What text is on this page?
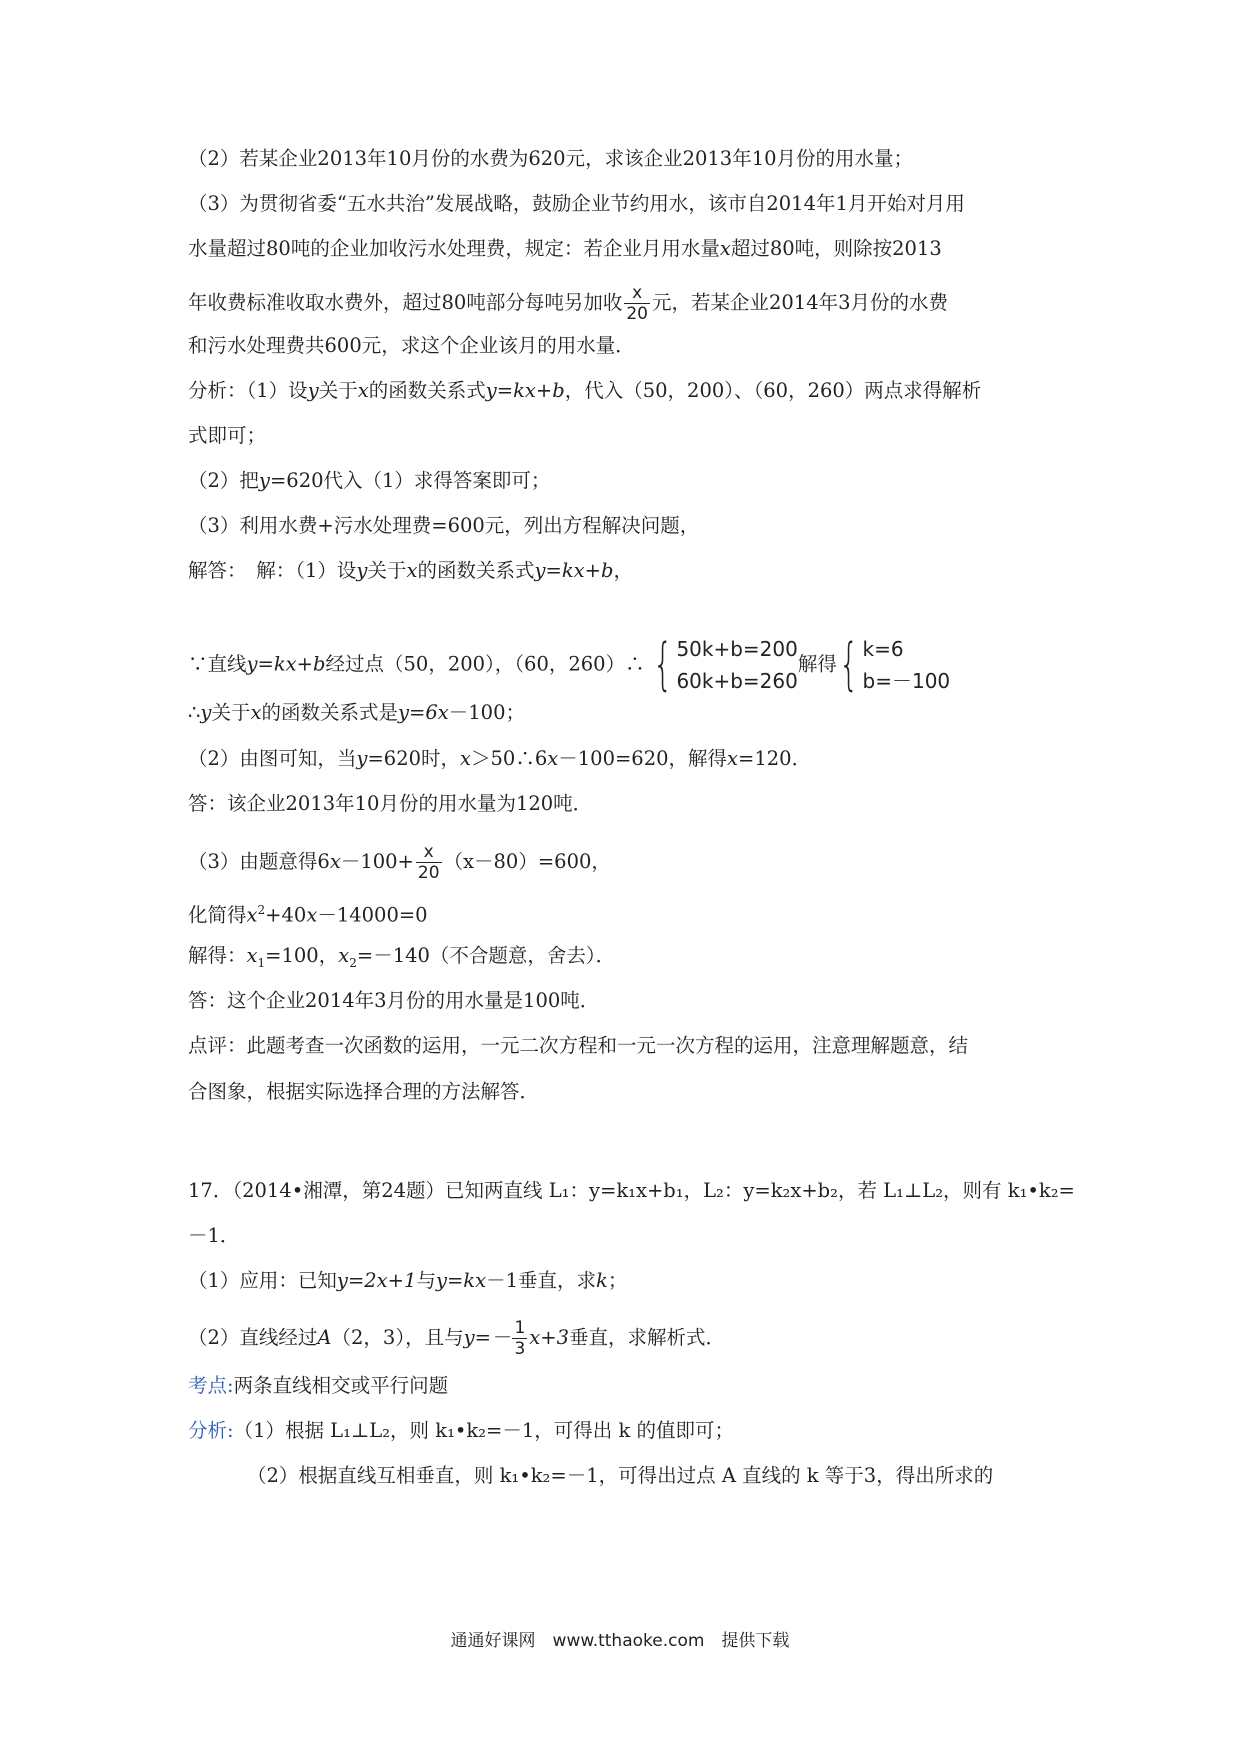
（2）若某企业2013年10月份的水费为620元，求该企业2013年10月份的用水量；
（3）为贯彻省委“五水共治”发展战略，鼓励企业节约用水，该市自2014年1月开始对月用
水量超过80吨的企业加收污水处理费，规定：若企业月用水量x超过80吨，则除按2013
年收费标准收取水费外，超过80吨部分每吨另加收 $\frac{x}{20}$ 元，若某企业2014年3月份的水费
和污水处理费共600元，求这个企业该月的用水量．
分析：（1）设y关于x的函数关系式y=kx+b，代入（50，200）、（60，260）两点求得解析
式即可；
（2）把y=620代入（1）求得答案即可；
（3）利用水费+污水处理费=600元，列出方程解决问题，
解答：　解：（1）设y关于x的函数关系式y=kx+b，
∵直线y=kx+b经过点（50，200），（60，260）∴ { 50k+b=200
60k+b=260
解得 { k=6
b=－100
∴y关于x的函数关系式是y=6x－100；
（2）由图可知，当y=620时，x＞50∴6x－100=620，解得x=120．
答：该企业2013年10月份的用水量为120吨．
（3）由题意得$6x-100+ \frac{x}{20} (x-80)=600$，
化简得$x^2+40x-14000=0$
解得：$x_1=100$，$x_2=-140$（不合题意，舍去）．
答：这个企业2014年3月份的用水量是100吨．
点评：此题考查一次函数的运用，一元二次方程和一元一次方程的运用，注意理解题意，结
合图象，根据实际选择合理的方法解答．
17．（2014•湘潭，第24题）已知两直线 L₁：y=k₁x+b₁，L₂：y=k₂x+b₂，若 L₁⊥L₂，则有 k₁•k₂=
－1．
（1）应用：已知y=2x+1与y=kx－1垂直，求k；
（2）直线经过A（2，3），且与$y=- \frac{1}{3} x+3$垂直，求解析式．
考点:两条直线相交或平行问题
分析:（1）根据 L₁⊥L₂，则 k₁•k₂=－1，可得出 k 的值即可；
（2）根据直线互相垂直，则 k₁•k₂=－1，可得出过点 A 直线的 k 等于3，得出所求的
通通好课网　www.tthaoke.com　提供下载
